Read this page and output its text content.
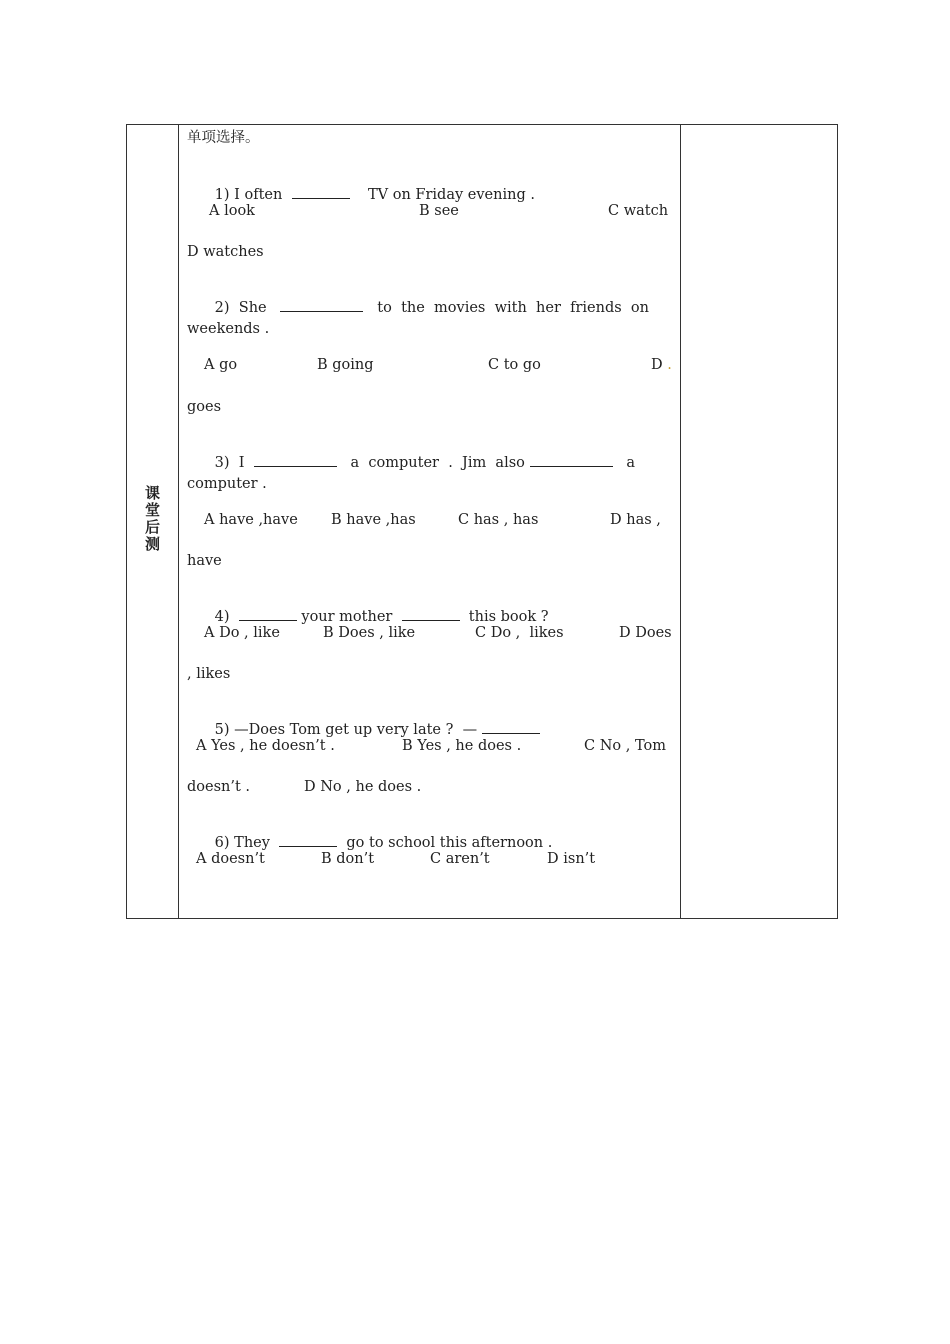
课堂后测
单项选择。

1) I often	TV on Friday evening .

A look	B see	C watch
D watches

2) She	to the movies with her friends on

weekends .
A go	B going	C to go	D .
goes

3) I	a  computer  .  Jim  also	a

computer .
A have ,have B have ,has	C has , has	D has ,
have

4)	your mother	this book ?

A Do , like	B Does , like	C Do ,  likes	D Does
, likes

5) —Does Tom get up very late ? —

A Yes , he doesn’t .	B Yes , he does .	C No , Tom
doesn’t .	D No , he does .

6) They	go to school this afternoon .

A doesn’t	B don’t	C aren’t	D isn’t
